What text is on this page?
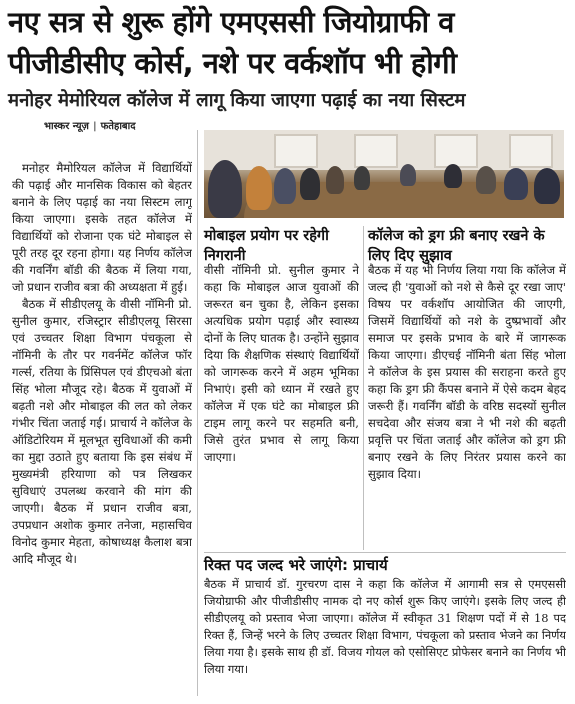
नए सत्र से शुरू होंगे एमएससी जियोग्राफी व
पीजीडीसीए कोर्स, नशे पर वर्कशॉप भी होगी
मनोहर मेमोरियल कॉलेज में लागू किया जाएगा पढ़ाई का नया सिस्टम
भास्कर न्यूज़ | फतेहाबाद

मनोहर मैमोरियल कॉलेज में विद्यार्थियों की पढ़ाई और मानसिक विकास को बेहतर बनाने के लिए पढ़ाई का नया सिस्टम लागू किया जाएगा। इसके तहत कॉलेज में विद्यार्थियों को रोजाना एक घंटे मोबाइल से पूरी तरह दूर रहना होगा। यह निर्णय कॉलेज की गवर्निंग बॉडी की बैठक में लिया गया, जो प्रधान राजीव बत्रा की अध्यक्षता में हुई।

बैठक में सीडीएलयू के वीसी नॉमिनी प्रो. सुनील कुमार, रजिस्ट्रार सीडीएलयू सिरसा एवं उच्चतर शिक्षा विभाग पंचकूला से नॉमिनी के तौर पर गवर्नमेंट कॉलेज फॉर गर्ल्स, रतिया के प्रिंसिपल एवं डीएचओ बंता सिंह भोला मौजूद रहे। बैठक में युवाओं में बढ़ती नशे और मोबाइल की लत को लेकर गंभीर चिंता जताई गई। प्राचार्य ने कॉलेज के ऑडिटोरियम में मूलभूत सुविधाओं की कमी का मुद्दा उठाते हुए बताया कि इस संबंध में मुख्यमंत्री हरियाणा को पत्र लिखकर सुविधाएं उपलब्ध करवाने की मांग की जाएगी। बैठक में प्रधान राजीव बत्रा, उपप्रधान अशोक कुमार तनेजा, महासचिव विनोद कुमार मेहता, कोषाध्यक्ष कैलाश बत्रा आदि मौजूद थे।

मोबाइल प्रयोग पर रहेगी निगरानी

वीसी नॉमिनी प्रो. सुनील कुमार ने कहा कि मोबाइल आज युवाओं की जरूरत बन चुका है, लेकिन इसका अत्यधिक प्रयोग पढ़ाई और स्वास्थ्य दोनों के लिए घातक है। उन्होंने सुझाव दिया कि शैक्षणिक संस्थाएं विद्यार्थियों को जागरूक करने में अहम भूमिका निभाएं। इसी को ध्यान में रखते हुए कॉलेज में एक घंटे का मोबाइल फ्री टाइम लागू करने पर सहमति बनी, जिसे तुरंत प्रभाव से लागू किया जाएगा।

कॉलेज को ड्रग फ्री बनाए रखने के लिए दिए सुझाव

बैठक में यह भी निर्णय लिया गया कि कॉलेज में जल्द ही 'युवाओं को नशे से कैसे दूर रखा जाए' विषय पर वर्कशॉप आयोजित की जाएगी, जिसमें विद्यार्थियों को नशे के दुष्प्रभावों और समाज पर इसके प्रभाव के बारे में जागरूक किया जाएगा। डीएचई नॉमिनी बंता सिंह भोला ने कॉलेज के इस प्रयास की सराहना करते हुए कहा कि ड्रग फ्री कैंपस बनाने में ऐसे कदम बेहद जरूरी हैं। गवर्निंग बॉडी के वरिष्ठ सदस्यों सुनील सचदेवा और संजय बत्रा ने भी नशे की बढ़ती प्रवृत्ति पर चिंता जताई और कॉलेज को ड्रग फ्री बनाए रखने के लिए निरंतर प्रयास करने का सुझाव दिया।

रिक्त पद जल्द भरे जाएंगे: प्राचार्य

बैठक में प्राचार्य डॉ. गुरचरण दास ने कहा कि कॉलेज में आगामी सत्र से एमएससी जियोग्राफी और पीजीडीसीए नामक दो नए कोर्स शुरू किए जाएंगे। इसके लिए जल्द ही सीडीएलयू को प्रस्ताव भेजा जाएगा। कॉलेज में स्वीकृत 31 शिक्षण पदों में से 18 पद रिक्त हैं, जिन्हें भरने के लिए उच्चतर शिक्षा विभाग, पंचकूला को प्रस्ताव भेजने का निर्णय लिया गया है। इसके साथ ही डॉ. विजय गोयल को एसोसिएट प्रोफेसर बनाने का निर्णय भी लिया गया।
